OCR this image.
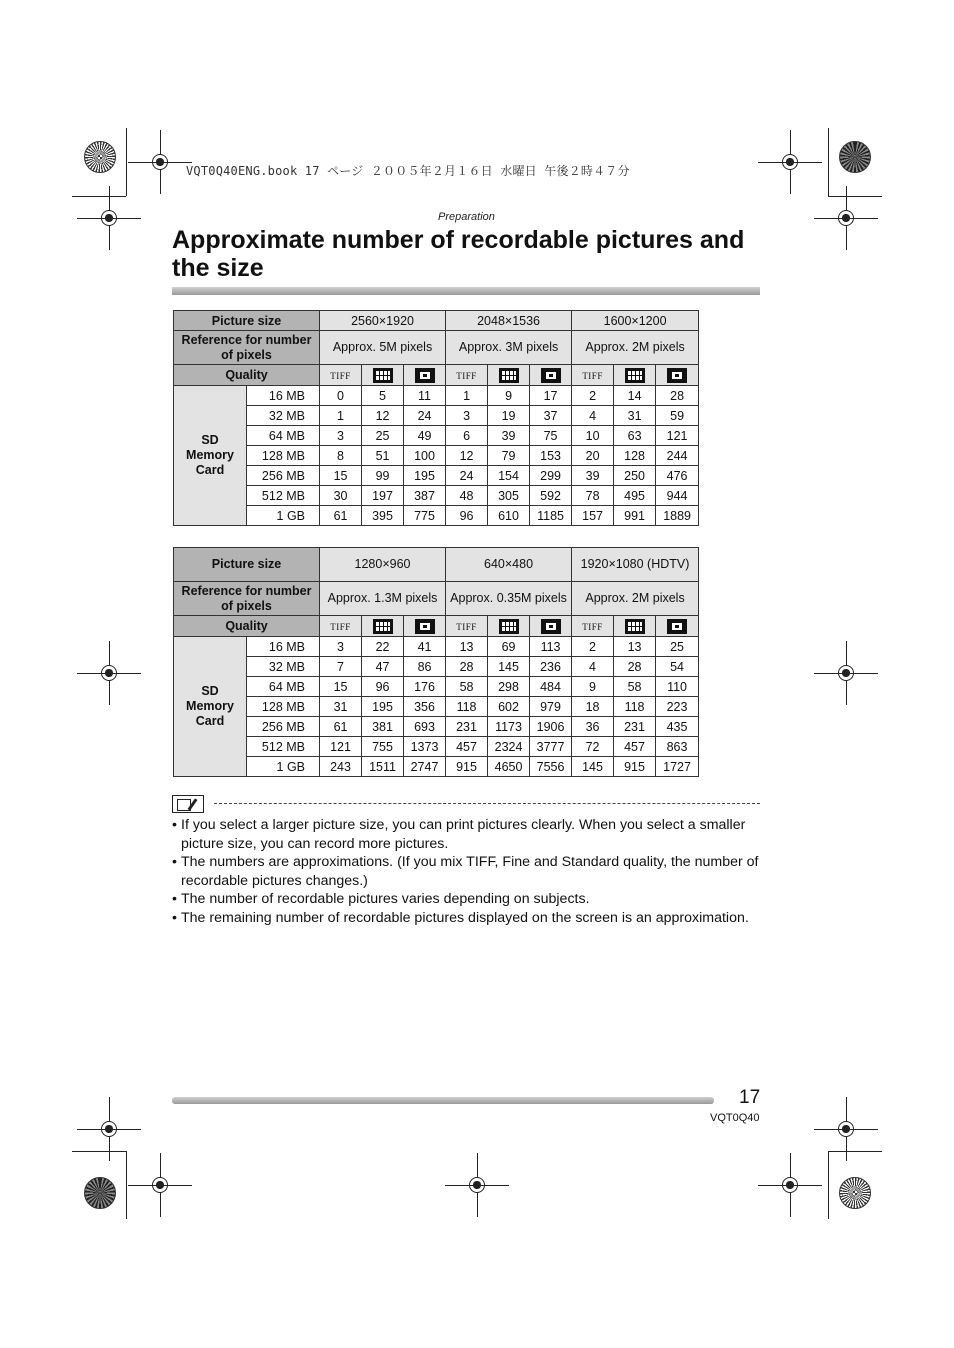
VQT0Q40ENG.book 17 ページ ２００５年２月１６日 水曜日 午後２時４７分
Preparation
Approximate number of recordable pictures and the size
Picture size		2560×1920			2048×1536			1600×1200		
Reference for number of pixels		Approx. 5M pixels			Approx. 3M pixels			Approx. 2M pixels		
Quality		TIFF			TIFF			TIFF		
SD
Memory
Card	16 MB	0	5	11	1	9	17	2	14	28
	32 MB	1	12	24	3	19	37	4	31	59
	64 MB	3	25	49	6	39	75	10	63	121
	128 MB	8	51	100	12	79	153	20	128	244
	256 MB	15	99	195	24	154	299	39	250	476
	512 MB	30	197	387	48	305	592	78	495	944
	1 GB	61	395	775	96	610	1185	157	991	1889
Picture size		1280×960			640×480			1920×1080 (HDTV)		
Reference for number of pixels		Approx. 1.3M pixels			Approx. 0.35M pixels			Approx. 2M pixels		
Quality		TIFF			TIFF			TIFF		
SD
Memory
Card	16 MB	3	22	41	13	69	113	2	13	25
	32 MB	7	47	86	28	145	236	4	28	54
	64 MB	15	96	176	58	298	484	9	58	110
	128 MB	31	195	356	118	602	979	18	118	223
	256 MB	61	381	693	231	1173	1906	36	231	435
	512 MB	121	755	1373	457	2324	3777	72	457	863
	1 GB	243	1511	2747	915	4650	7556	145	915	1727
• If you select a larger picture size, you can print pictures clearly. When you select a smaller picture size, you can record more pictures.
• The numbers are approximations. (If you mix TIFF, Fine and Standard quality, the number of recordable pictures changes.)
• The number of recordable pictures varies depending on subjects.
• The remaining number of recordable pictures displayed on the screen is an approximation.
17
VQT0Q40
